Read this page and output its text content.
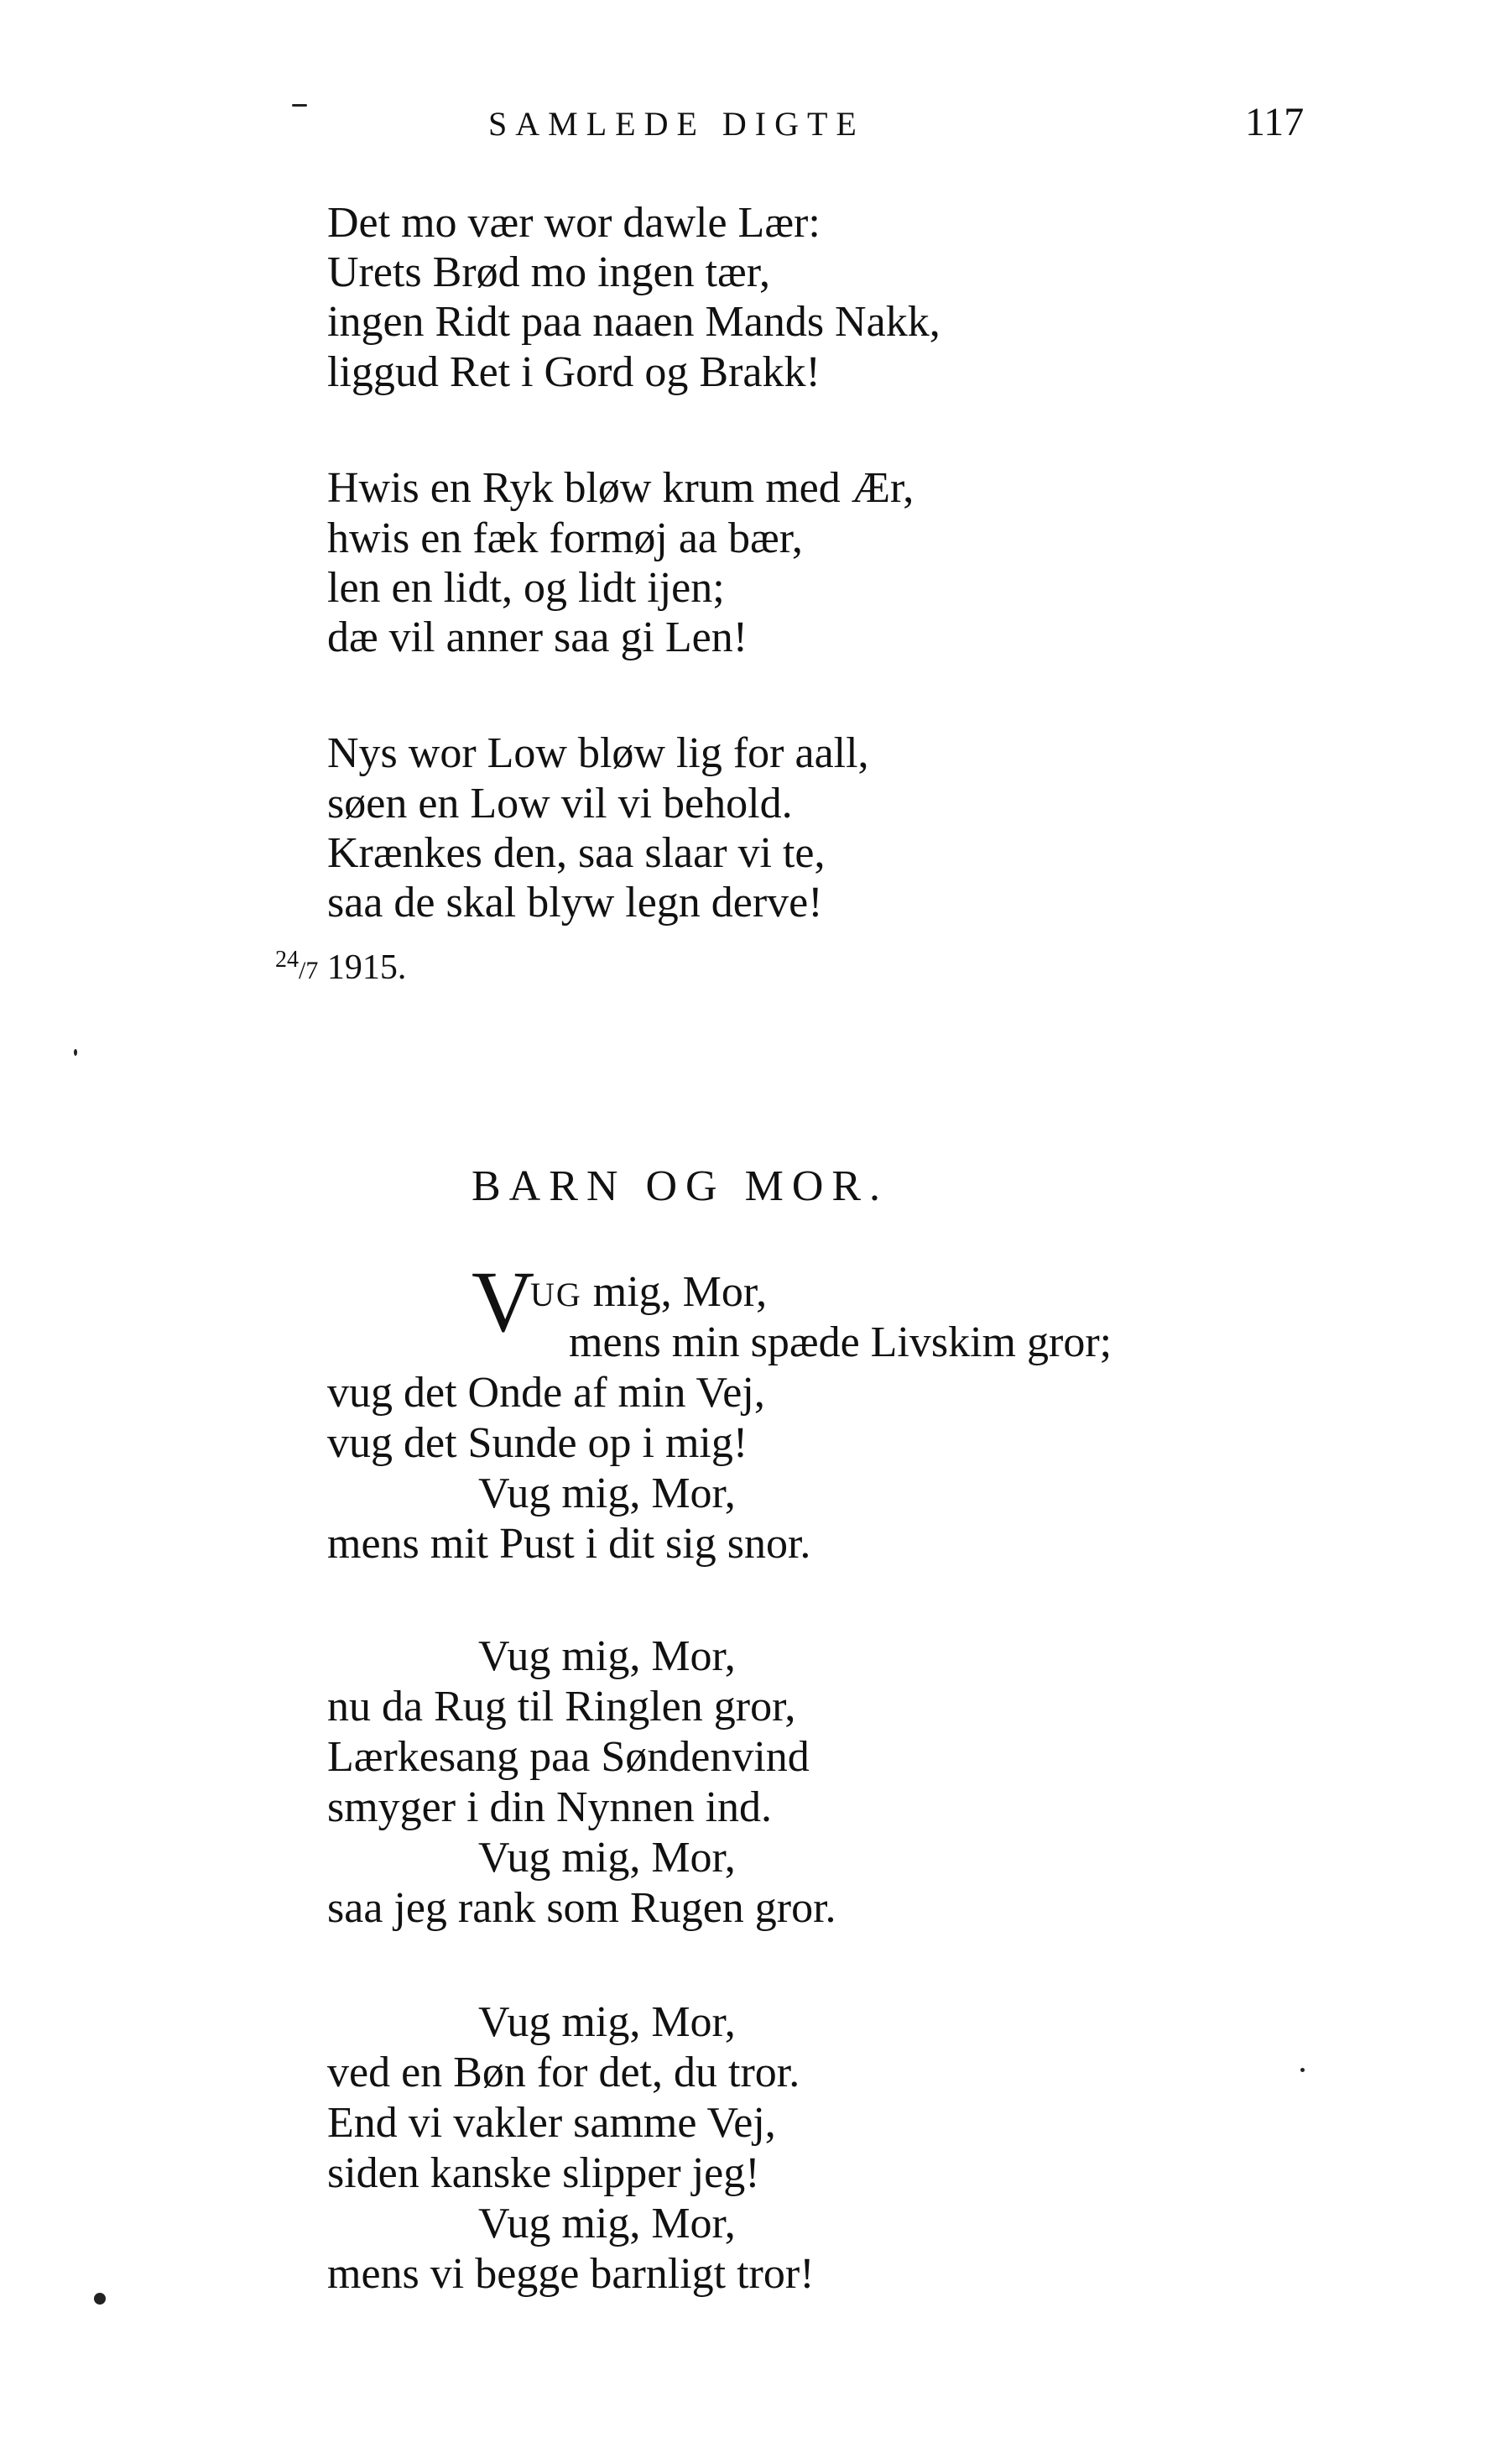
SAMLEDE DIGTE	117
Det mo vær wor dawle Lær:
Urets Brød mo ingen tær,
ingen Ridt paa naaen Mands Nakk,
liggud Ret i Gord og Brakk!
Hwis en Ryk bløw krum med Ær,
hwis en fæk formøj aa bær,
len en lidt, og lidt ijen;
dæ vil anner saa gi Len!
Nys wor Low bløw lig for aall,
søen en Low vil vi behold.
Krænkes den, saa slaar vi te,
saa de skal blyw legn derve!
$^{24}$/7 1915.
BARN OG MOR.
V
UG mig, Mor,
mens min spæde Livskim gror;
vug det Onde af min Vej,
vug det Sunde op i mig!
Vug mig, Mor,
mens mit Pust i dit sig snor.
Vug mig, Mor,
nu da Rug til Ringlen gror,
Lærkesang paa Søndenvind
smyger i din Nynnen ind.
Vug mig, Mor,
saa jeg rank som Rugen gror.
Vug mig, Mor,
ved en Bøn for det, du tror.
End vi vakler samme Vej,
siden kanske slipper jeg!
Vug mig, Mor,
mens vi begge barnligt tror!
